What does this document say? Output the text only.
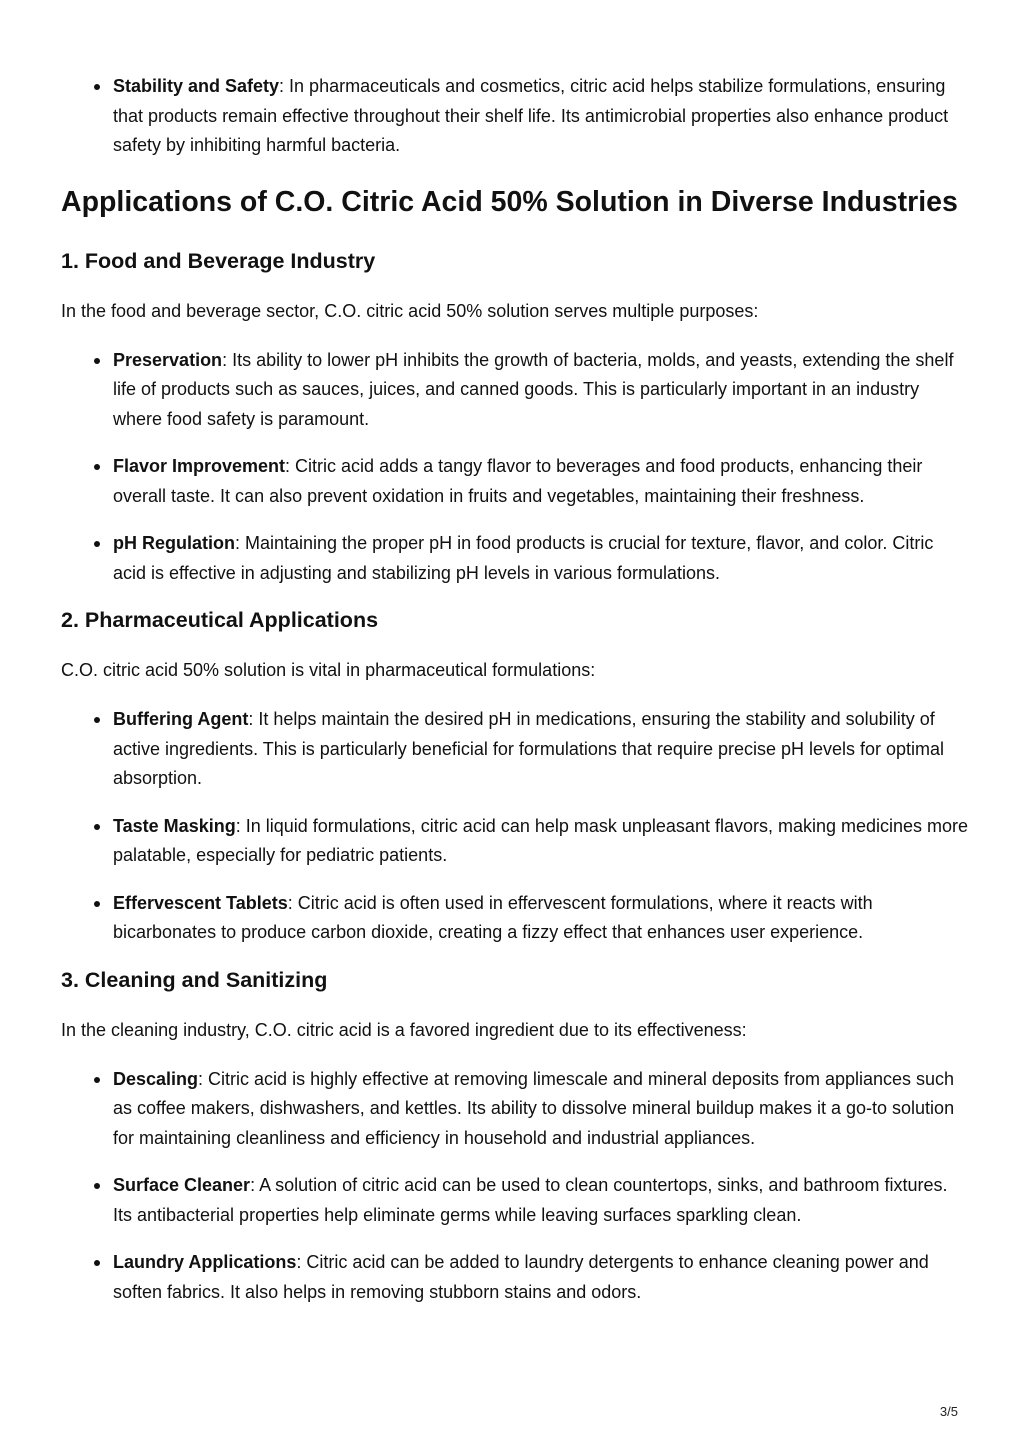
Stability and Safety: In pharmaceuticals and cosmetics, citric acid helps stabilize formulations, ensuring that products remain effective throughout their shelf life. Its antimicrobial properties also enhance product safety by inhibiting harmful bacteria.
Applications of C.O. Citric Acid 50% Solution in Diverse Industries
1. Food and Beverage Industry

In the food and beverage sector, C.O. citric acid 50% solution serves multiple purposes:

Preservation: Its ability to lower pH inhibits the growth of bacteria, molds, and yeasts, extending the shelf life of products such as sauces, juices, and canned goods. This is particularly important in an industry where food safety is paramount.
Flavor Improvement: Citric acid adds a tangy flavor to beverages and food products, enhancing their overall taste. It can also prevent oxidation in fruits and vegetables, maintaining their freshness.
pH Regulation: Maintaining the proper pH in food products is crucial for texture, flavor, and color. Citric acid is effective in adjusting and stabilizing pH levels in various formulations.
2. Pharmaceutical Applications

C.O. citric acid 50% solution is vital in pharmaceutical formulations:

Buffering Agent: It helps maintain the desired pH in medications, ensuring the stability and solubility of active ingredients. This is particularly beneficial for formulations that require precise pH levels for optimal absorption.
Taste Masking: In liquid formulations, citric acid can help mask unpleasant flavors, making medicines more palatable, especially for pediatric patients.
Effervescent Tablets: Citric acid is often used in effervescent formulations, where it reacts with bicarbonates to produce carbon dioxide, creating a fizzy effect that enhances user experience.
3. Cleaning and Sanitizing

In the cleaning industry, C.O. citric acid is a favored ingredient due to its effectiveness:

Descaling: Citric acid is highly effective at removing limescale and mineral deposits from appliances such as coffee makers, dishwashers, and kettles. Its ability to dissolve mineral buildup makes it a go-to solution for maintaining cleanliness and efficiency in household and industrial appliances.
Surface Cleaner: A solution of citric acid can be used to clean countertops, sinks, and bathroom fixtures. Its antibacterial properties help eliminate germs while leaving surfaces sparkling clean.
Laundry Applications: Citric acid can be added to laundry detergents to enhance cleaning power and soften fabrics. It also helps in removing stubborn stains and odors.
3/5
